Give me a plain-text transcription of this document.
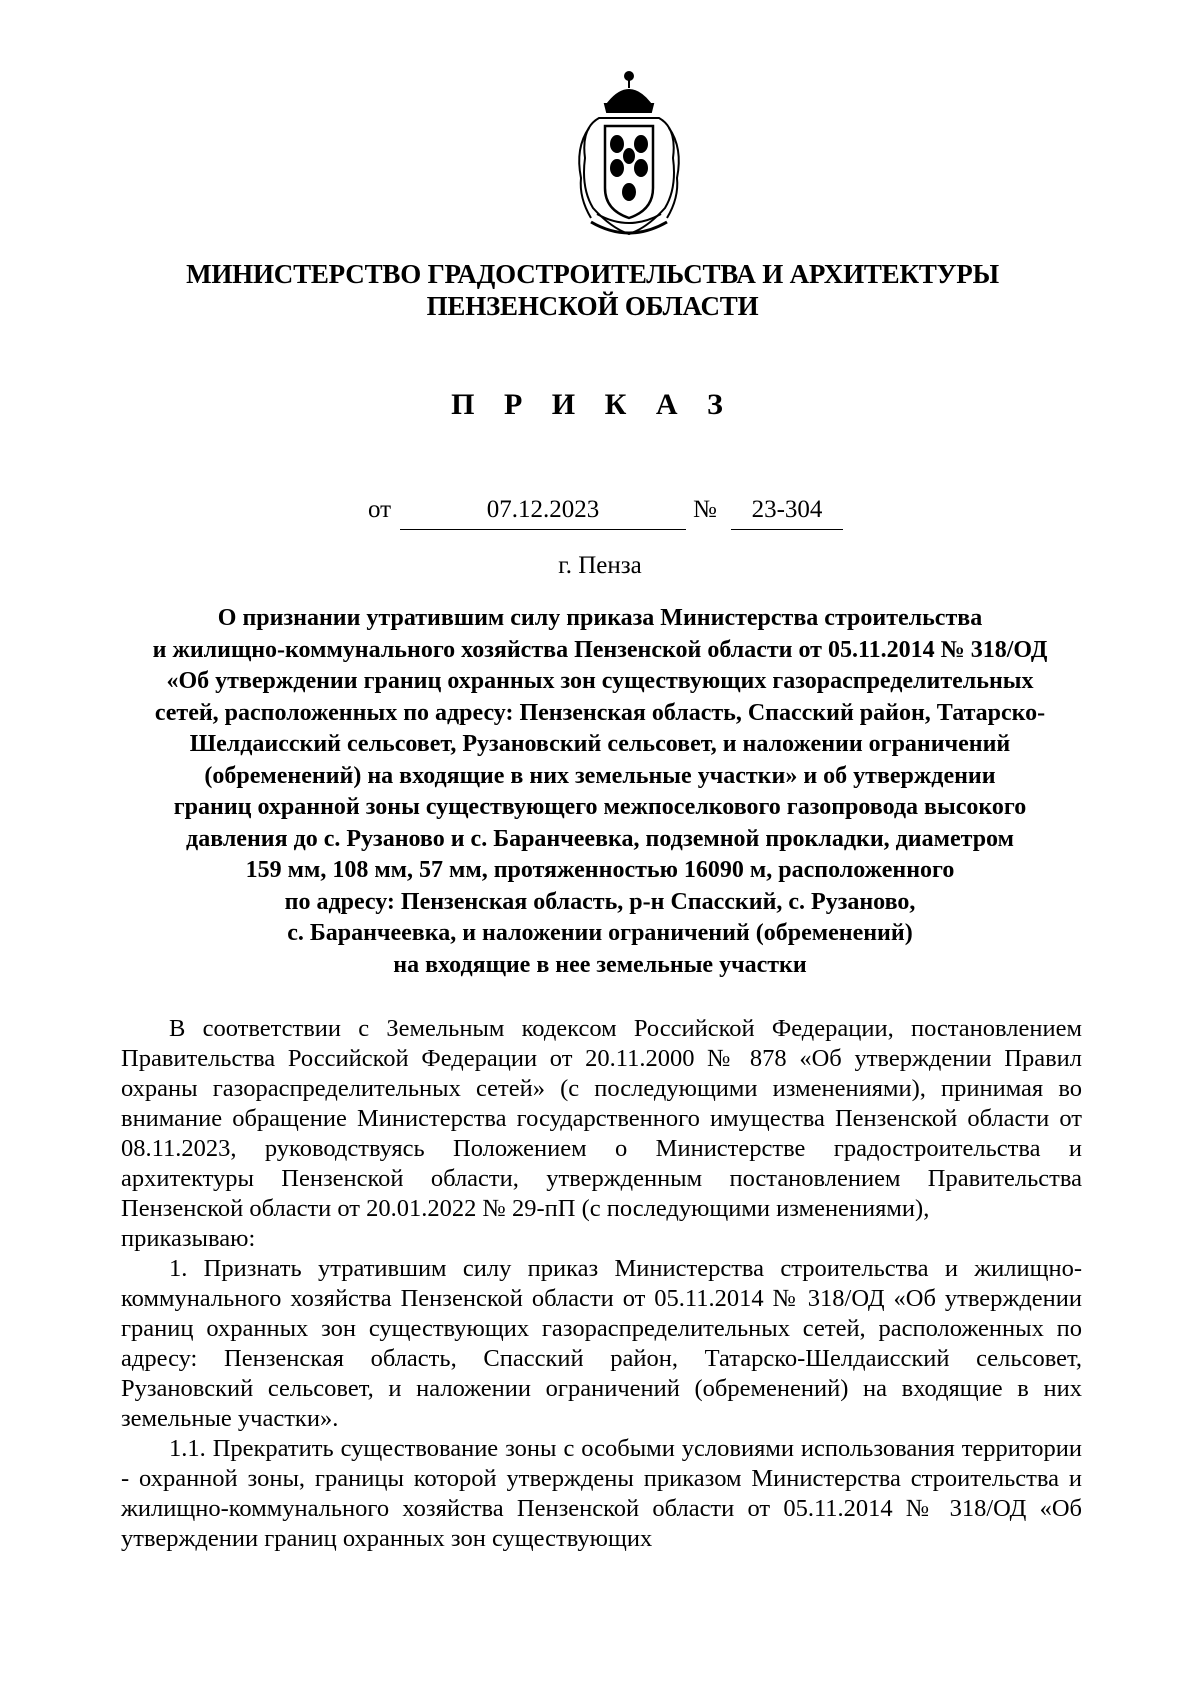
МИНИСТЕРСТВО ГРАДОСТРОИТЕЛЬСТВА И АРХИТЕКТУРЫ
ПЕНЗЕНСКОЙ ОБЛАСТИ
П Р И К А З
от	07.12.2023	№	23-304
г. Пенза
О признании утратившим силу приказа Министерства строительства
и жилищно-коммунального хозяйства Пензенской области от 05.11.2014 № 318/ОД
«Об утверждении границ охранных зон существующих газораспределительных
сетей, расположенных по адресу: Пензенская область, Спасский район, Татарско-
Шелдаисский сельсовет, Рузановский сельсовет, и наложении ограничений
(обременений) на входящие в них земельные участки» и об утверждении
границ охранной зоны существующего межпоселкового газопровода высокого
давления до с. Рузаново и с. Баранчеевка, подземной прокладки, диаметром
159 мм, 108 мм, 57 мм, протяженностью 16090 м, расположенного
по адресу: Пензенская область, р-н Спасский, с. Рузаново,
с. Баранчеевка, и наложении ограничений (обременений)
на входящие в нее земельные участки

В соответствии с Земельным кодексом Российской Федерации, постановлением Правительства Российской Федерации от 20.11.2000 № 878 «Об утверждении Правил охраны газораспределительных сетей» (с последующими изменениями), принимая во внимание обращение Министерства государственного имущества Пензенской области от 08.11.2023, руководствуясь Положением о Министерстве градостроительства и архитектуры Пензенской области, утвержденным постановлением Правительства Пензенской области от 20.01.2022 № 29-пП (с последующими изменениями),

приказываю:

1. Признать утратившим силу приказ Министерства строительства и жилищно-коммунального хозяйства Пензенской области от 05.11.2014 № 318/ОД «Об утверждении границ охранных зон существующих газораспределительных сетей, расположенных по адресу: Пензенская область, Спасский район, Татарско-Шелдаисский сельсовет, Рузановский сельсовет, и наложении ограничений (обременений) на входящие в них земельные участки».

1.1. Прекратить существование зоны с особыми условиями использования территории - охранной зоны, границы которой утверждены приказом Министерства строительства и жилищно-коммунального хозяйства Пензенской области от 05.11.2014 № 318/ОД «Об утверждении границ охранных зон существующих
